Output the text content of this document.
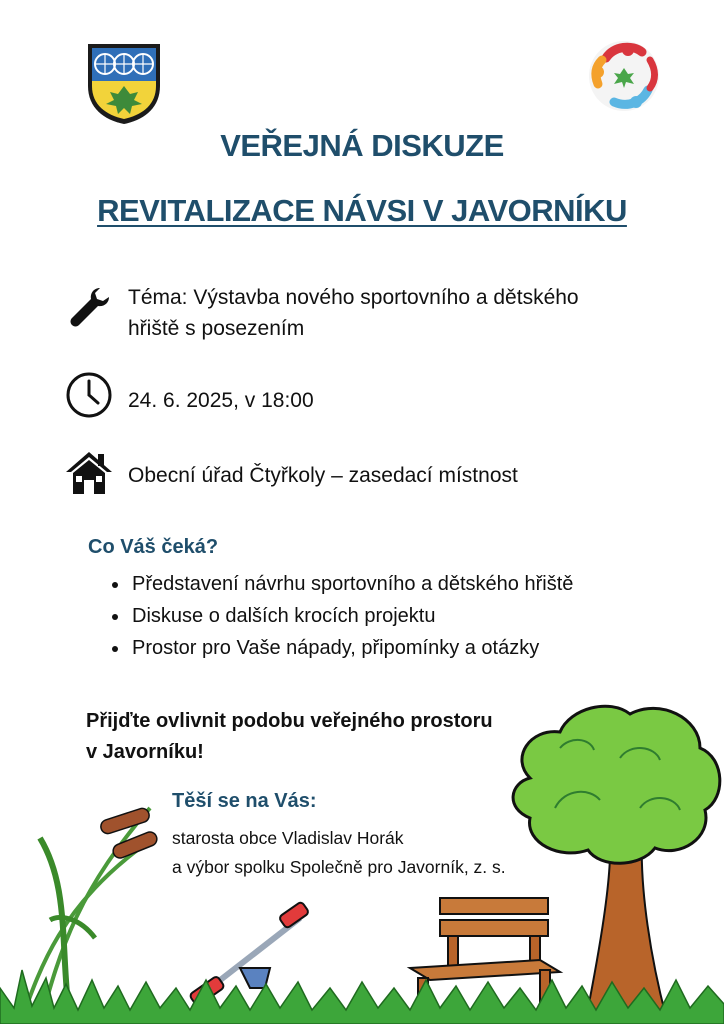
VEŘEJNÁ DISKUZE
REVITALIZACE NÁVSI V JAVORNÍKU
Téma: Výstavba nového sportovního a dětského
hřiště s posezením
24. 6. 2025, v 18:00
Obecní úřad Čtyřkoly – zasedací místnost
Co Váš čeká?
• Představení návrhu sportovního a dětského hřiště
• Diskuse o dalších krocích projektu
• Prostor pro Vaše nápady, připomínky a otázky
Přijďte ovlivnit podobu veřejného prostoru
v Javorníku!
Těší se na Vás:
starosta obce Vladislav Horák
a výbor spolku Společně pro Javorník, z. s.
